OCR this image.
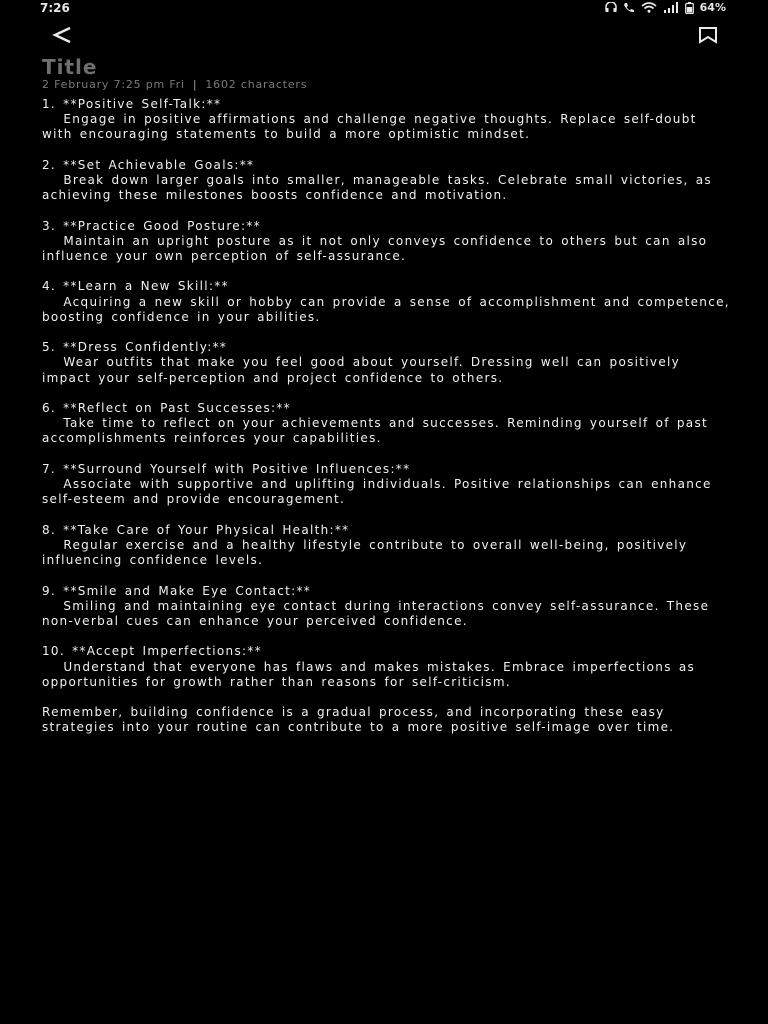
7:26	64%
Title
2 February 7:25 pm Fri | 1602 characters
1. **Positive Self-Talk:**
Engage in positive affirmations and challenge negative thoughts. Replace self-doubt with encouraging statements to build a more optimistic mindset.

2. **Set Achievable Goals:**
Break down larger goals into smaller, manageable tasks. Celebrate small victories, as achieving these milestones boosts confidence and motivation.

3. **Practice Good Posture:**
Maintain an upright posture as it not only conveys confidence to others but can also influence your own perception of self-assurance.

4. **Learn a New Skill:**
Acquiring a new skill or hobby can provide a sense of accomplishment and competence, boosting confidence in your abilities.

5. **Dress Confidently:**
Wear outfits that make you feel good about yourself. Dressing well can positively impact your self-perception and project confidence to others.

6. **Reflect on Past Successes:**
Take time to reflect on your achievements and successes. Reminding yourself of past accomplishments reinforces your capabilities.

7. **Surround Yourself with Positive Influences:**
Associate with supportive and uplifting individuals. Positive relationships can enhance self-esteem and provide encouragement.

8. **Take Care of Your Physical Health:**
Regular exercise and a healthy lifestyle contribute to overall well-being, positively influencing confidence levels.

9. **Smile and Make Eye Contact:**
Smiling and maintaining eye contact during interactions convey self-assurance. These non-verbal cues can enhance your perceived confidence.

10. **Accept Imperfections:**
Understand that everyone has flaws and makes mistakes. Embrace imperfections as opportunities for growth rather than reasons for self-criticism.

Remember, building confidence is a gradual process, and incorporating these easy strategies into your routine can contribute to a more positive self-image over time.
